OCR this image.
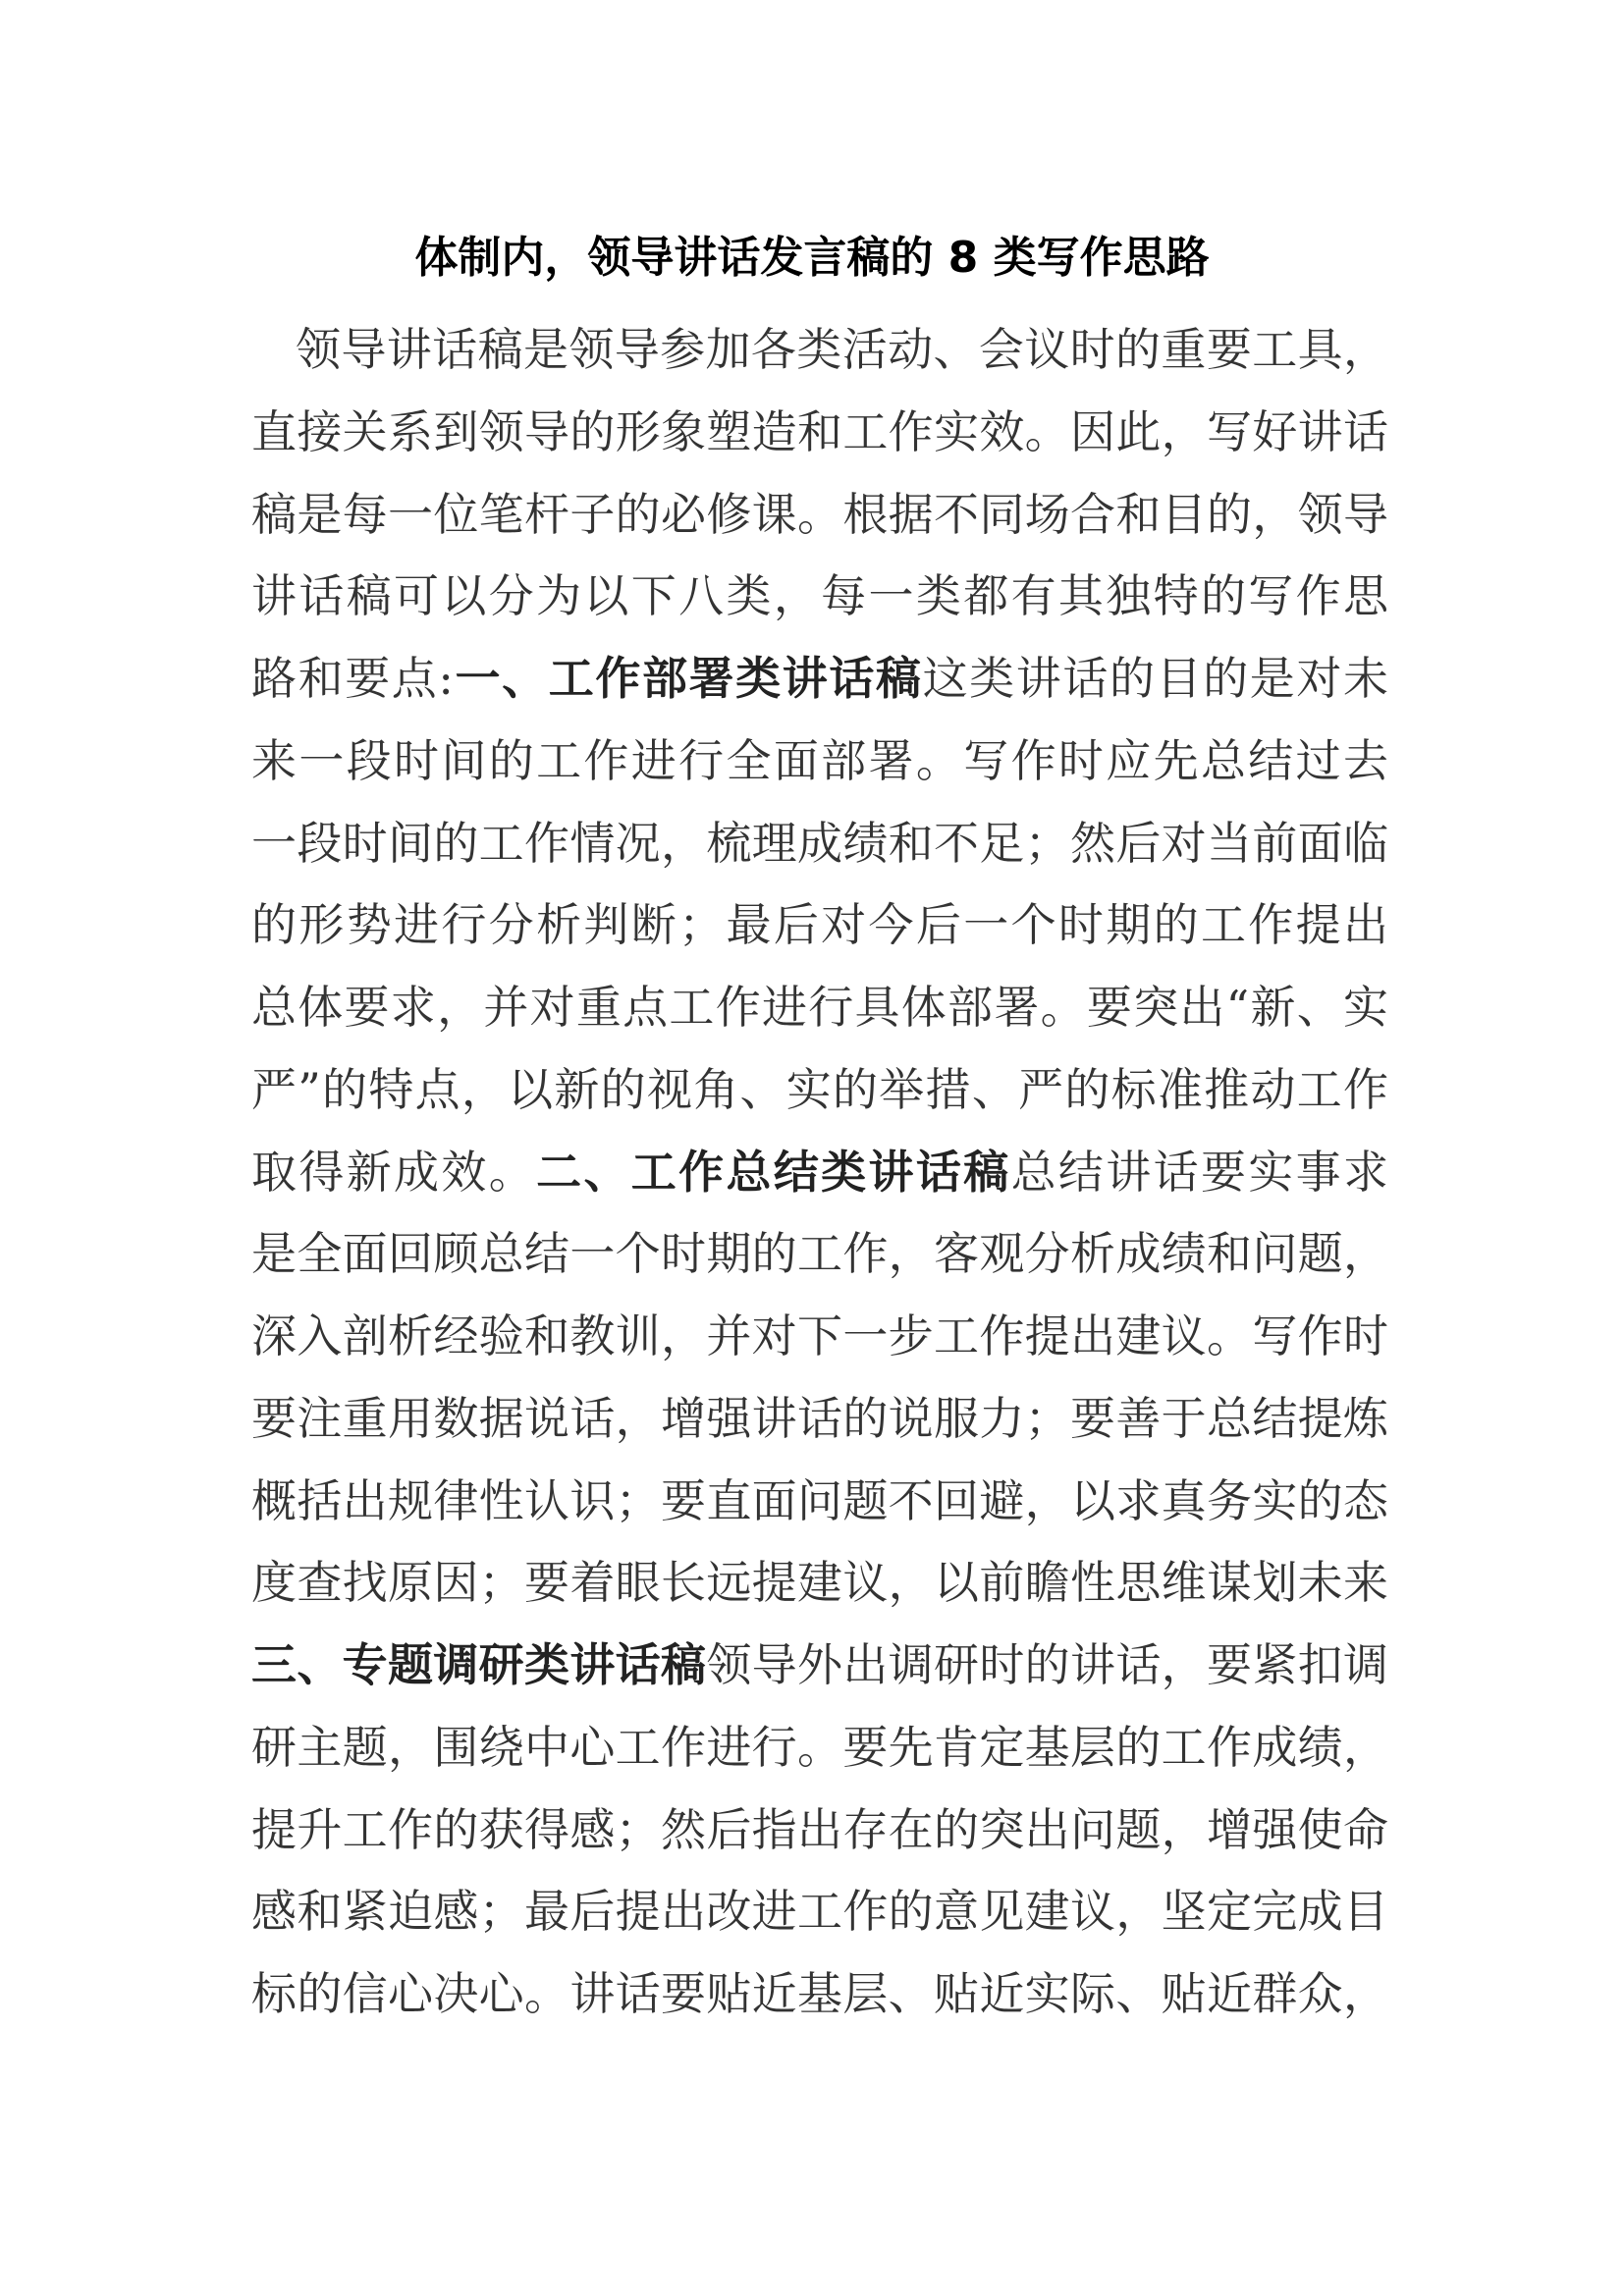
体制内，领导讲话发言稿的 8 类写作思路
领导讲话稿是领导参加各类活动、会议时的重要工具，
直接关系到领导的形象塑造和工作实效。因此，写好讲话
稿是每一位笔杆子的必修课。根据不同场合和目的，领导
讲话稿可以分为以下八类，每一类都有其独特的写作思
路和要点:一、工作部署类讲话稿这类讲话的目的是对未
来一段时间的工作进行全面部署。写作时应先总结过去
一段时间的工作情况，梳理成绩和不足；然后对当前面临
的形势进行分析判断；最后对今后一个时期的工作提出
总体要求，并对重点工作进行具体部署。要突出“新、实
严”的特点，以新的视角、实的举措、严的标准推动工作
取得新成效。二、工作总结类讲话稿总结讲话要实事求
是全面回顾总结一个时期的工作，客观分析成绩和问题，
深入剖析经验和教训，并对下一步工作提出建议。写作时
要注重用数据说话，增强讲话的说服力；要善于总结提炼
概括出规律性认识；要直面问题不回避，以求真务实的态
度查找原因；要着眼长远提建议，以前瞻性思维谋划未来
三、专题调研类讲话稿领导外出调研时的讲话，要紧扣调
研主题，围绕中心工作进行。要先肯定基层的工作成绩，
提升工作的获得感；然后指出存在的突出问题，增强使命
感和紧迫感；最后提出改进工作的意见建议，坚定完成目
标的信心决心。讲话要贴近基层、贴近实际、贴近群众，
